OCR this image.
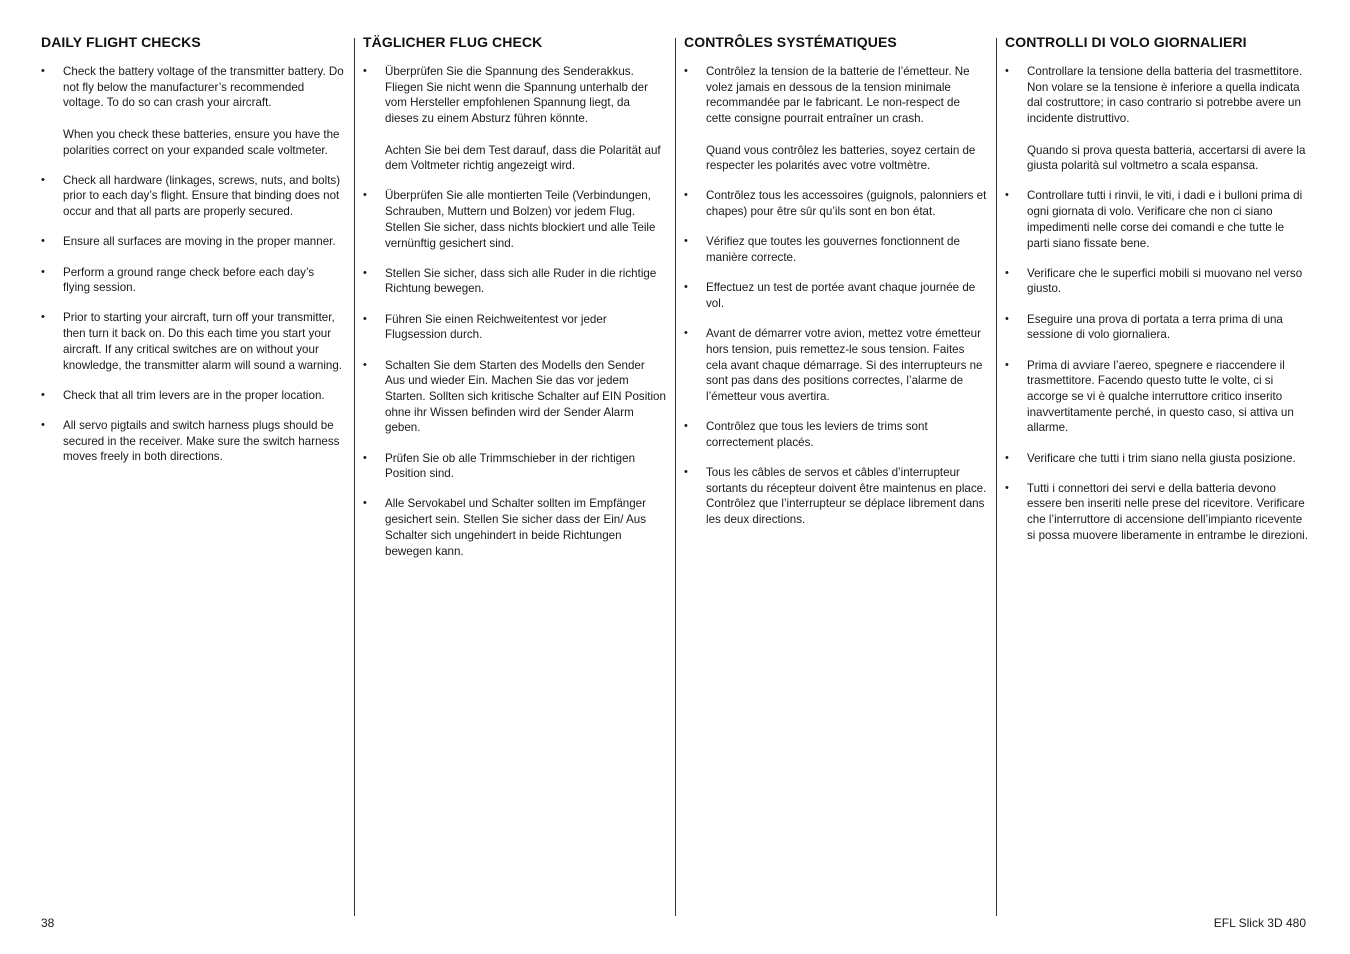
DAILY FLIGHT CHECKS
• Check the battery voltage of the transmitter battery. Do not fly below the manufacturer’s recommended voltage. To do so can crash your aircraft.

When you check these batteries, ensure you have the polarities correct on your expanded scale voltmeter.

• Check all hardware (linkages, screws, nuts, and bolts) prior to each day’s flight. Ensure that binding does not occur and that all parts are properly secured.

• Ensure all surfaces are moving in the proper manner.

• Perform a ground range check before each day’s flying session.

• Prior to starting your aircraft, turn off your transmitter, then turn it back on. Do this each time you start your aircraft. If any critical switches are on without your knowledge, the transmitter alarm will sound a warning.

• Check that all trim levers are in the proper location.

• All servo pigtails and switch harness plugs should be secured in the receiver. Make sure the switch harness moves freely in both directions.

TÄGLICHER FLUG CHECK
• Überprüfen Sie die Spannung des Senderakkus. Fliegen Sie nicht wenn die Spannung unterhalb der vom Hersteller empfohlenen Spannung liegt, da dieses zu einem Absturz führen könnte.

Achten Sie bei dem Test darauf, dass die Polarität auf dem Voltmeter richtig angezeigt wird.

• Überprüfen Sie alle montierten Teile (Verbindungen, Schrauben, Muttern und Bolzen) vor jedem Flug. Stellen Sie sicher, dass nichts blockiert und alle Teile vernünftig gesichert sind.

• Stellen Sie sicher, dass sich alle Ruder in die richtige Richtung bewegen.

• Führen Sie einen Reichweitentest vor jeder Flugsession durch.

• Schalten Sie dem Starten des Modells den Sender Aus und wieder Ein. Machen Sie das vor jedem Starten. Sollten sich kritische Schalter auf EIN Position ohne ihr Wissen befinden wird der Sender Alarm geben.

• Prüfen Sie ob alle Trimmschieber in der richtigen Position sind.

• Alle Servokabel und Schalter sollten im Empfänger gesichert sein. Stellen Sie sicher dass der Ein/ Aus Schalter sich ungehindert in beide Richtungen bewegen kann.

CONTRÔLES SYSTÉMATIQUES
• Contrôlez la tension de la batterie de l’émetteur. Ne volez jamais en dessous de la tension minimale recommandée par le fabricant. Le non-respect de cette consigne pourrait entraîner un crash.

Quand vous contrôlez les batteries, soyez certain de respecter les polarités avec votre voltmètre.

• Contrôlez tous les accessoires (guignols, palonniers et chapes) pour être sûr qu’ils sont en bon état.

• Vérifiez que toutes les gouvernes fonctionnent de manière correcte.

• Effectuez un test de portée avant chaque journée de vol.

• Avant de démarrer votre avion, mettez votre émetteur hors tension, puis remettez-le sous tension. Faites cela avant chaque démarrage. Si des interrupteurs ne sont pas dans des positions correctes, l’alarme de l’émetteur vous avertira.

• Contrôlez que tous les leviers de trims sont correctement placés.

• Tous les câbles de servos et câbles d’interrupteur sortants du récepteur doivent être maintenus en place. Contrôlez que l’interrupteur se déplace librement dans les deux directions.

CONTROLLI DI VOLO GIORNALIERI
• Controllare la tensione della batteria del trasmettitore. Non volare se la tensione è inferiore a quella indicata dal costruttore; in caso contrario si potrebbe avere un incidente distruttivo.

Quando si prova questa batteria, accertarsi di avere la giusta polarità sul voltmetro a scala espansa.

• Controllare tutti i rinvii, le viti, i dadi e i bulloni prima di ogni giornata di volo. Verificare che non ci siano impedimenti nelle corse dei comandi e che tutte le parti siano fissate bene.

• Verificare che le superfici mobili si muovano nel verso giusto.

• Eseguire una prova di portata a terra prima di una sessione di volo giornaliera.

• Prima di avviare l’aereo, spegnere e riaccendere il trasmettitore. Facendo questo tutte le volte, ci si accorge se vi è qualche interruttore critico inserito inavvertitamente perché, in questo caso, si attiva un allarme.

• Verificare che tutti i trim siano nella giusta posizione.

• Tutti i connettori dei servi e della batteria devono essere ben inseriti nelle prese del ricevitore. Verificare che l’interruttore di accensione dell’impianto ricevente si possa muovere liberamente in entrambe le direzioni.

38	EFL Slick 3D 480
